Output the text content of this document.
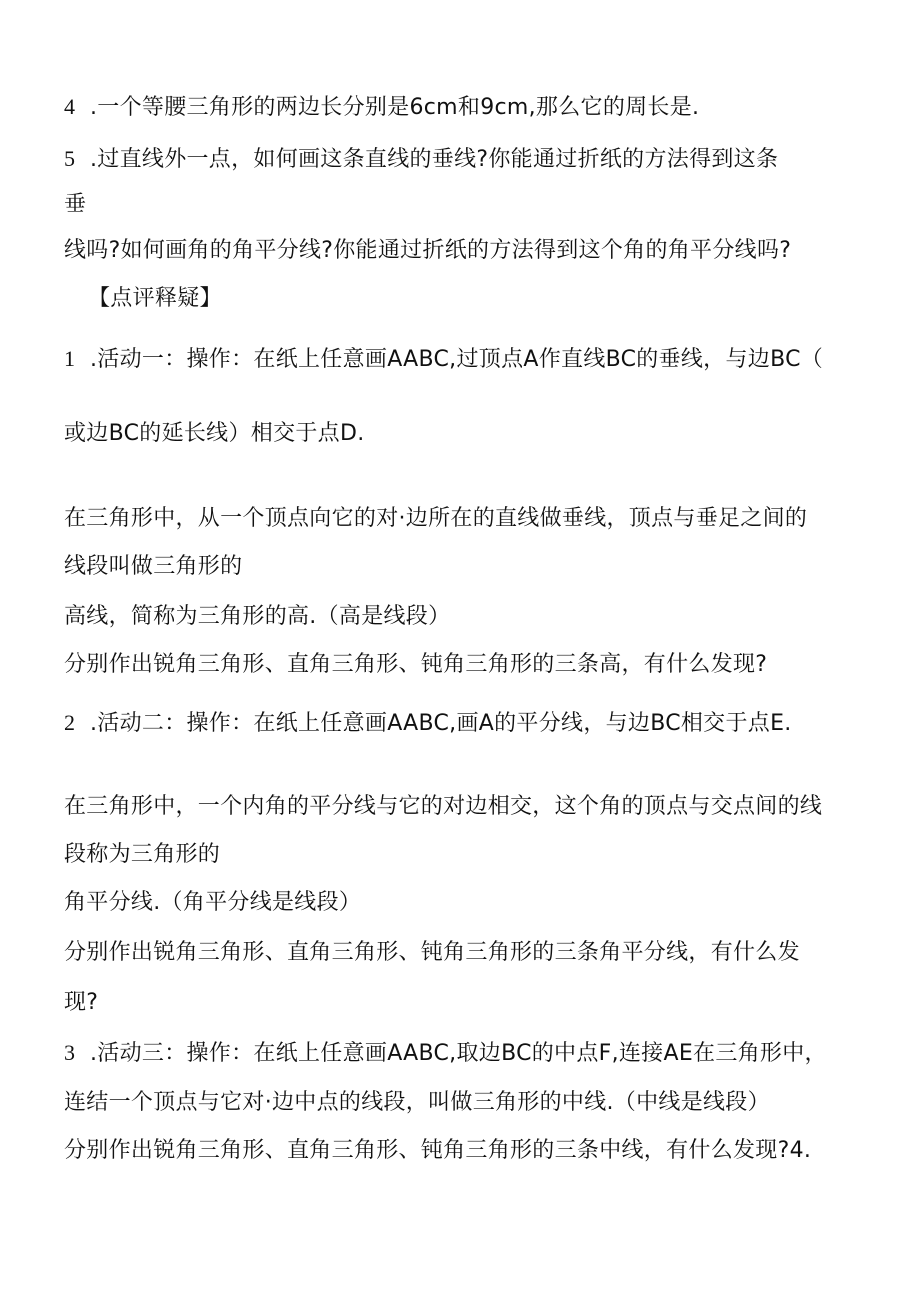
4 .一个等腰三角形的两边长分别是6cm和9cm,那么它的周长是.

5 .过直线外一点，如何画这条直线的垂线?你能通过折纸的方法得到这条

垂

线吗?如何画角的角平分线?你能通过折纸的方法得到这个角的角平分线吗?

【点评释疑】

1 .活动一：操作：在纸上任意画AABC,过顶点A作直线BC的垂线，与边BC（

或边BC的延长线）相交于点D.

在三角形中，从一个顶点向它的对·边所在的直线做垂线，顶点与垂足之间的

线段叫做三角形的

高线，简称为三角形的高.（高是线段）

分别作出锐角三角形、直角三角形、钝角三角形的三条高，有什么发现?

2 .活动二：操作：在纸上任意画AABC,画A的平分线，与边BC相交于点E.

在三角形中，一个内角的平分线与它的对边相交，这个角的顶点与交点间的线

段称为三角形的

角平分线.（角平分线是线段）

分别作出锐角三角形、直角三角形、钝角三角形的三条角平分线，有什么发

现?

3 .活动三：操作：在纸上任意画AABC,取边BC的中点F,连接AE在三角形中，

连结一个顶点与它对·边中点的线段，叫做三角形的中线.（中线是线段）

分别作出锐角三角形、直角三角形、钝角三角形的三条中线，有什么发现?4.
